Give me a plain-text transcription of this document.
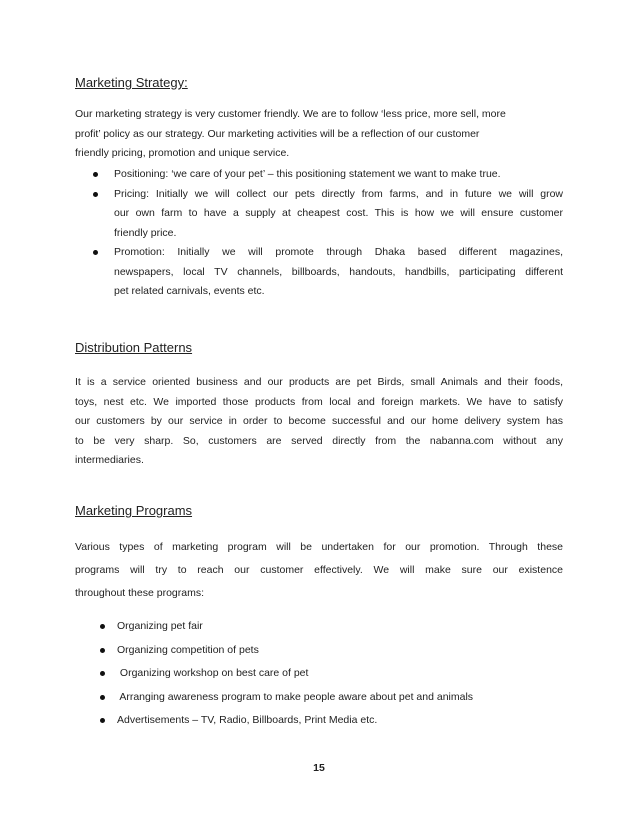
Marketing Strategy:
Our marketing strategy is very customer friendly. We are to follow ‘less price, more sell, more
profit’ policy as our strategy. Our marketing activities will be a reflection of our customer
friendly pricing, promotion and unique service.
Positioning: ‘we care of your pet’ – this positioning statement we want to make true.
Pricing: Initially we will collect our pets directly from farms, and in future we will grow
our own farm to have a supply at cheapest cost. This is how we will ensure customer
friendly price.
Promotion: Initially we will promote through Dhaka based different magazines,
newspapers, local TV channels, billboards, handouts, handbills, participating different
pet related carnivals, events etc.
Distribution Patterns
It is a service oriented business and our products are pet Birds, small Animals and their foods,
toys, nest etc. We imported those products from local and foreign markets. We have to satisfy
our customers by our service in order to become successful and our home delivery system has
to be very sharp. So, customers are served directly from the nabanna.com without any
intermediaries.
Marketing Programs
Various types of marketing program will be undertaken for our promotion. Through these
programs will try to reach our customer effectively. We will make sure our existence
throughout these programs:
Organizing pet fair
Organizing competition of pets
Organizing workshop on best care of pet
Arranging awareness program to make people aware about pet and animals
Advertisements – TV, Radio, Billboards, Print Media etc.
15
